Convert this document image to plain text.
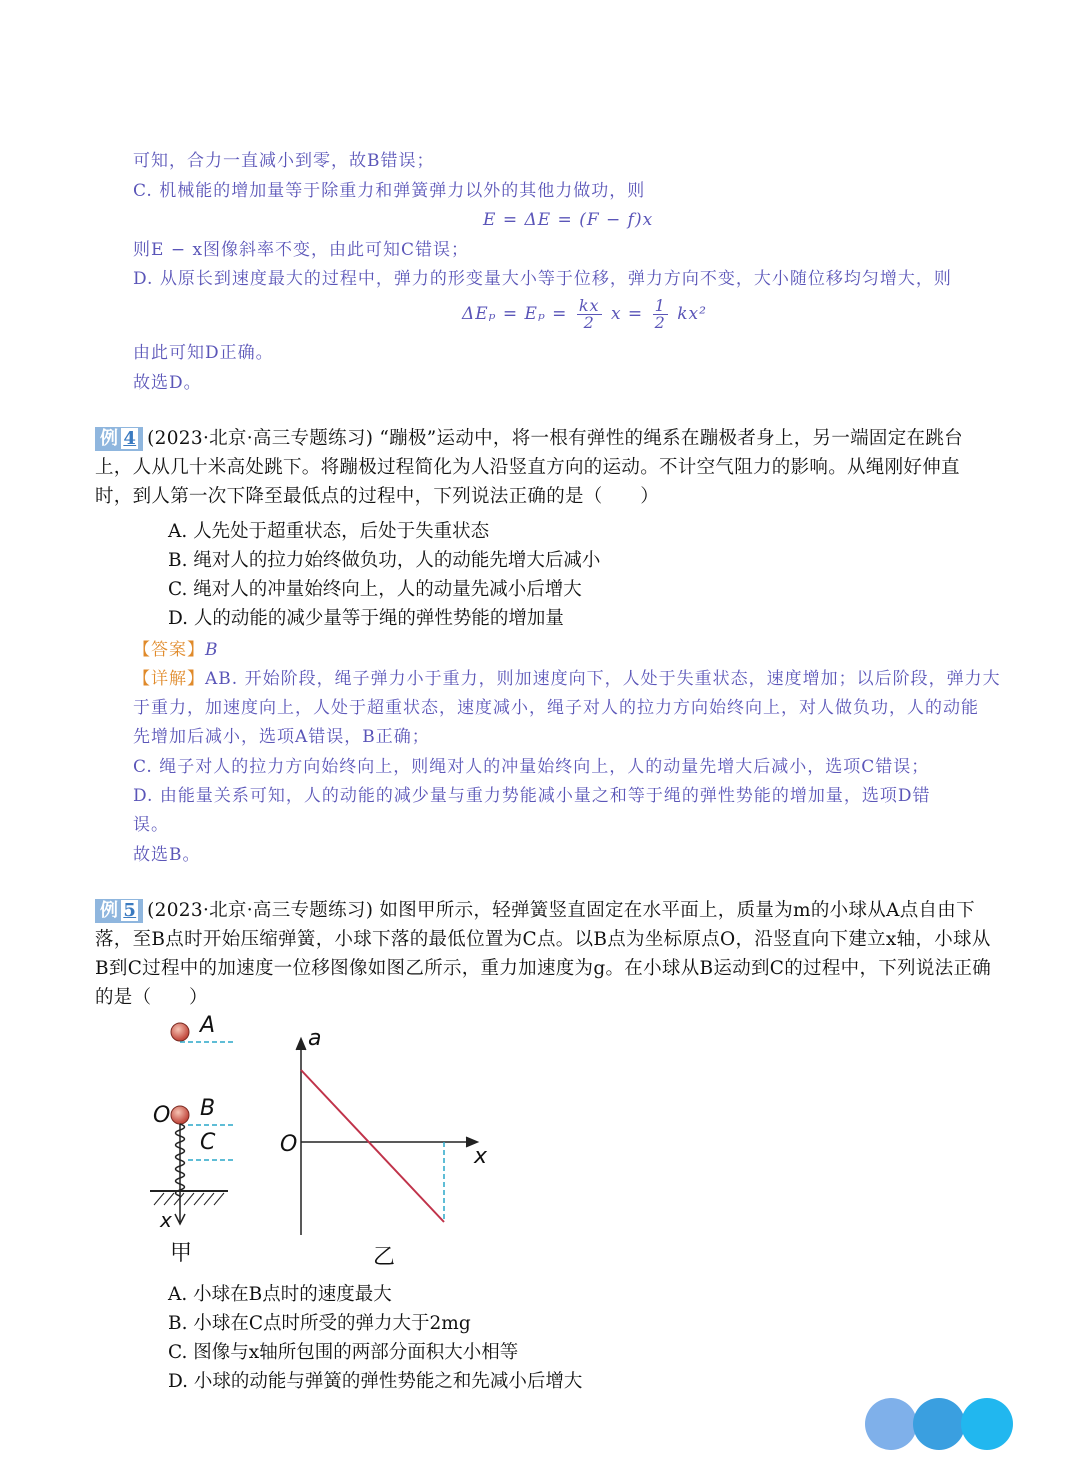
可知，合力一直减小到零，故B错误；
C. 机械能的增加量等于除重力和弹簧弹力以外的其他力做功，则
E = ΔE = (F − f)x
则E − x图像斜率不变，由此可知C错误；
D. 从原长到速度最大的过程中，弹力的形变量大小等于位移，弹力方向不变，大小随位移均匀增大，则
$\Delta E_p = E_p = \frac{kx}{2}$ $x = \frac{1}{2} kx^2$
由此可知D正确。
故选D。
例 4 (2023·北京·高三专题练习) “蹦极”运动中，将一根有弹性的绳系在蹦极者身上，另一端固定在跳台上，人从几十米高处跳下。将蹦极过程简化为人沿竖直方向的运动。不计空气阻力的影响。从绳刚好伸直时，到人第一次下降至最低点的过程中，下列说法正确的是（　　）
A. 人先处于超重状态，后处于失重状态
B. 绳对人的拉力始终做负功，人的动能先增大后减小
C. 绳对人的冲量始终向上，人的动量先减小后增大
D. 人的动能的减少量等于绳的弹性势能的增加量
【答案】B
【详解】AB. 开始阶段，绳子弹力小于重力，则加速度向下，人处于失重状态，速度增加；以后阶段，弹力大
于重力，加速度向上，人处于超重状态，速度减小，绳子对人的拉力方向始终向上，对人做负功，人的动能
先增加后减小，选项A错误，B正确；
C. 绳子对人的拉力方向始终向上，则绳对人的冲量始终向上，人的动量先增大后减小，选项C错误；
D. 由能量关系可知，人的动能的减少量与重力势能减小量之和等于绳的弹性势能的增加量，选项D错
误。
故选B。
例 5 (2023·北京·高三专题练习) 如图甲所示，轻弹簧竖直固定在水平面上，质量为m的小球从A点自由下落，至B点时开始压缩弹簧，小球下落的最低位置为C点。以B点为坐标原点O，沿竖直向下建立x轴，小球从B到C过程中的加速度一位移图像如图乙所示，重力加速度为g。在小球从B运动到C的过程中，下列说法正确的是（　　）
A
B
C
O
x
甲
a
O	x
乙
A. 小球在B点时的速度最大
B. 小球在C点时所受的弹力大于2mg
C. 图像与x轴所包围的两部分面积大小相等
D. 小球的动能与弹簧的弹性势能之和先减小后增大
